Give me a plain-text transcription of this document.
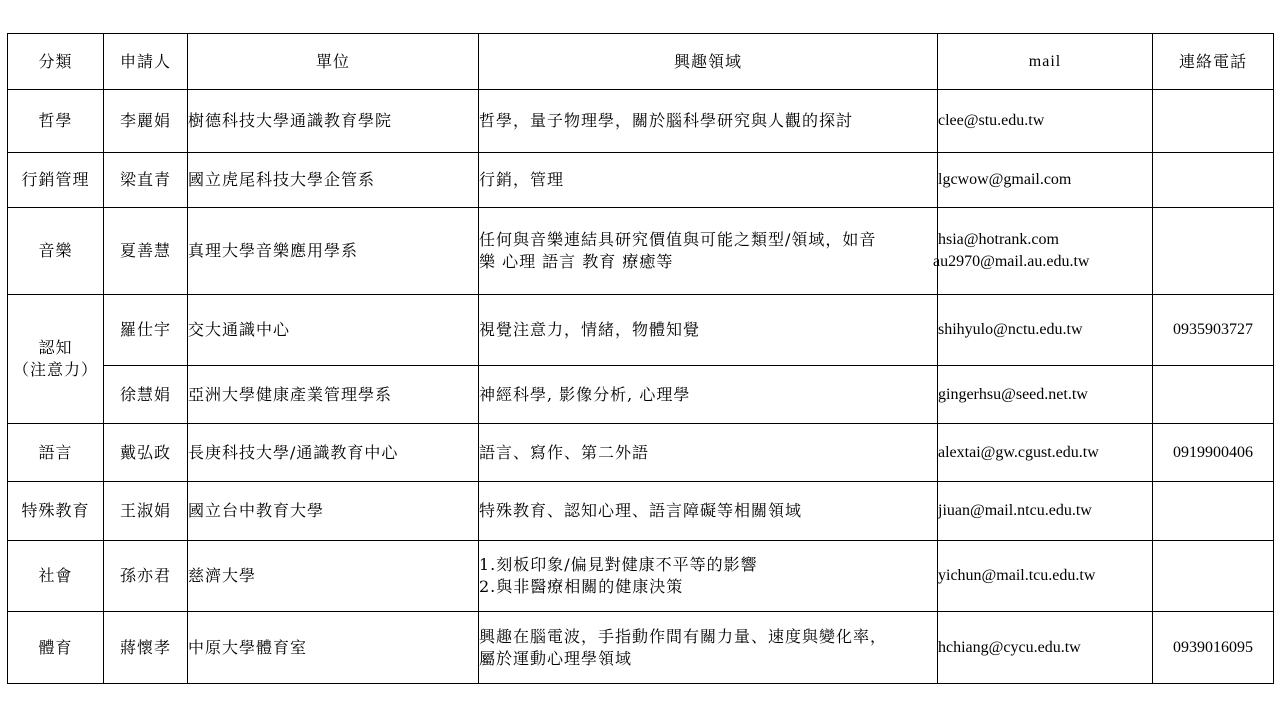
分類	申請人	單位	興趣領域	mail	連絡電話
哲學	李麗娟	樹德科技大學通識教育學院	哲學，量子物理學，關於腦科學研究與人觀的探討	clee@stu.edu.tw	

行銷管理	梁直青	國立虎尾科技大學企管系	行銷，管理	lgcwow@gmail.com	

音樂	夏善慧	真理大學音樂應用學系	任何與音樂連結具研究價值與可能之類型/領域，如音
樂 心理 語言 教育 療癒等	hsia@hotrank.com
au2970@mail.au.edu.tw	

認知
（注意力）	羅仕宇	交大通識中心	視覺注意力，情緒，物體知覺	shihyulo@nctu.edu.tw	0935903727
	徐慧娟	亞洲大學健康產業管理學系	神經科學, 影像分析, 心理學	gingerhsu@seed.net.tw	

語言	戴弘政	長庚科技大學/通識教育中心	語言、寫作、第二外語	alextai@gw.cgust.edu.tw	0919900406
特殊教育	王淑娟	國立台中教育大學	特殊教育、認知心理、語言障礙等相關領域	jiuan@mail.ntcu.edu.tw	

社會	孫亦君	慈濟大學	1.刻板印象/偏見對健康不平等的影響
2.與非醫療相關的健康決策	yichun@mail.tcu.edu.tw	

體育	蔣懷孝	中原大學體育室	興趣在腦電波，手指動作間有關力量、速度與變化率，
屬於運動心理學領域	hchiang@cycu.edu.tw	0939016095
